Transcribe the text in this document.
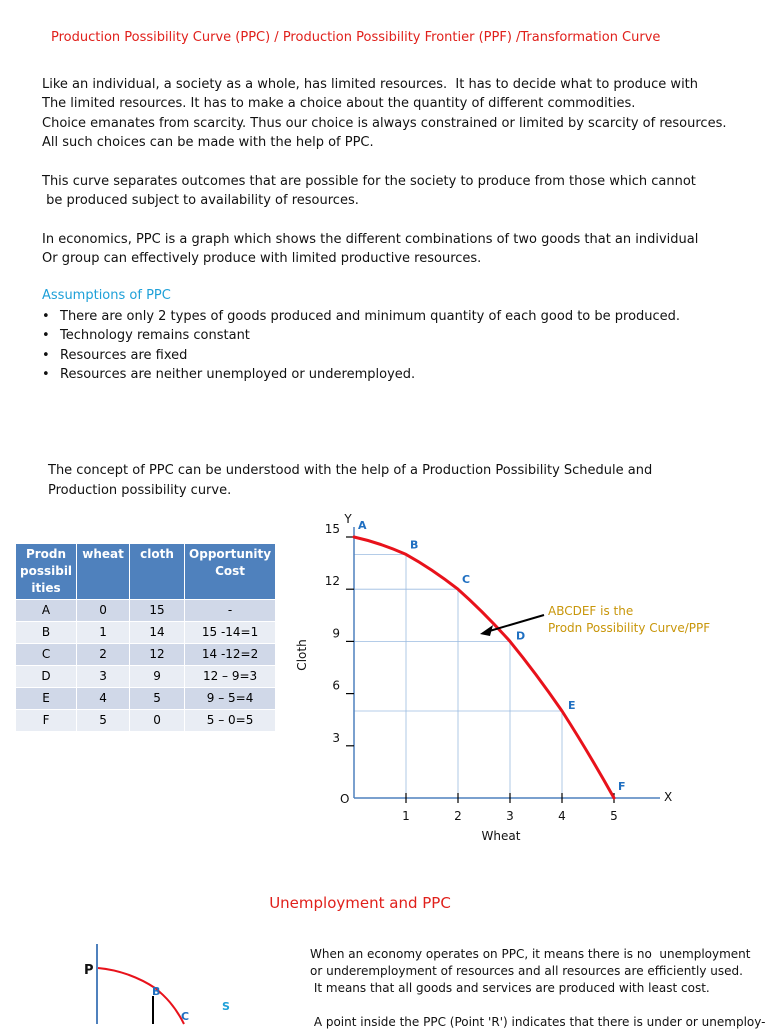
Production Possibility Curve (PPC) / Production Possibility Frontier (PPF) /Transformation Curve
Like an individual, a society as a whole, has limited resources.  It has to decide what to produce with
The limited resources. It has to make a choice about the quantity of different commodities.
Choice emanates from scarcity. Thus our choice is always constrained or limited by scarcity of resources.
All such choices can be made with the help of PPC.
This curve separates outcomes that are possible for the society to produce from those which cannot
be produced subject to availability of resources.
In economics, PPC is a graph which shows the different combinations of two goods that an individual
Or group can effectively produce with limited productive resources.
Assumptions of PPC
• There are only 2 types of goods produced and minimum quantity of each good to be produced.
• Technology remains constant
• Resources are fixed
• Resources are neither unemployed or underemployed.
The concept of PPC can be understood with the help of a Production Possibility Schedule and
Production possibility curve.
Prodn possibil ities	wheat	cloth	Opportunity Cost
A	0	15	-
B	1	14	15 -14=1
C	2	12	14 -12=2
D	3	9	12 – 9=3
E	4	5	9 – 5=4
F	5	0	5 – 0=5
1	2	3	4	5
3
6
9
12
15 A
B
C
D
E
F
Cloth
Wheat
Y
X
O
ABCDEF is the
Prodn Possibility Curve/PPF
Unemployment and PPC
P
B
C
S
When an economy operates on PPC, it means there is no  unemployment
or underemployment of resources and all resources are efficiently used.
It means that all goods and services are produced with least cost.

A point inside the PPC (Point 'R') indicates that there is under or unemploy-
